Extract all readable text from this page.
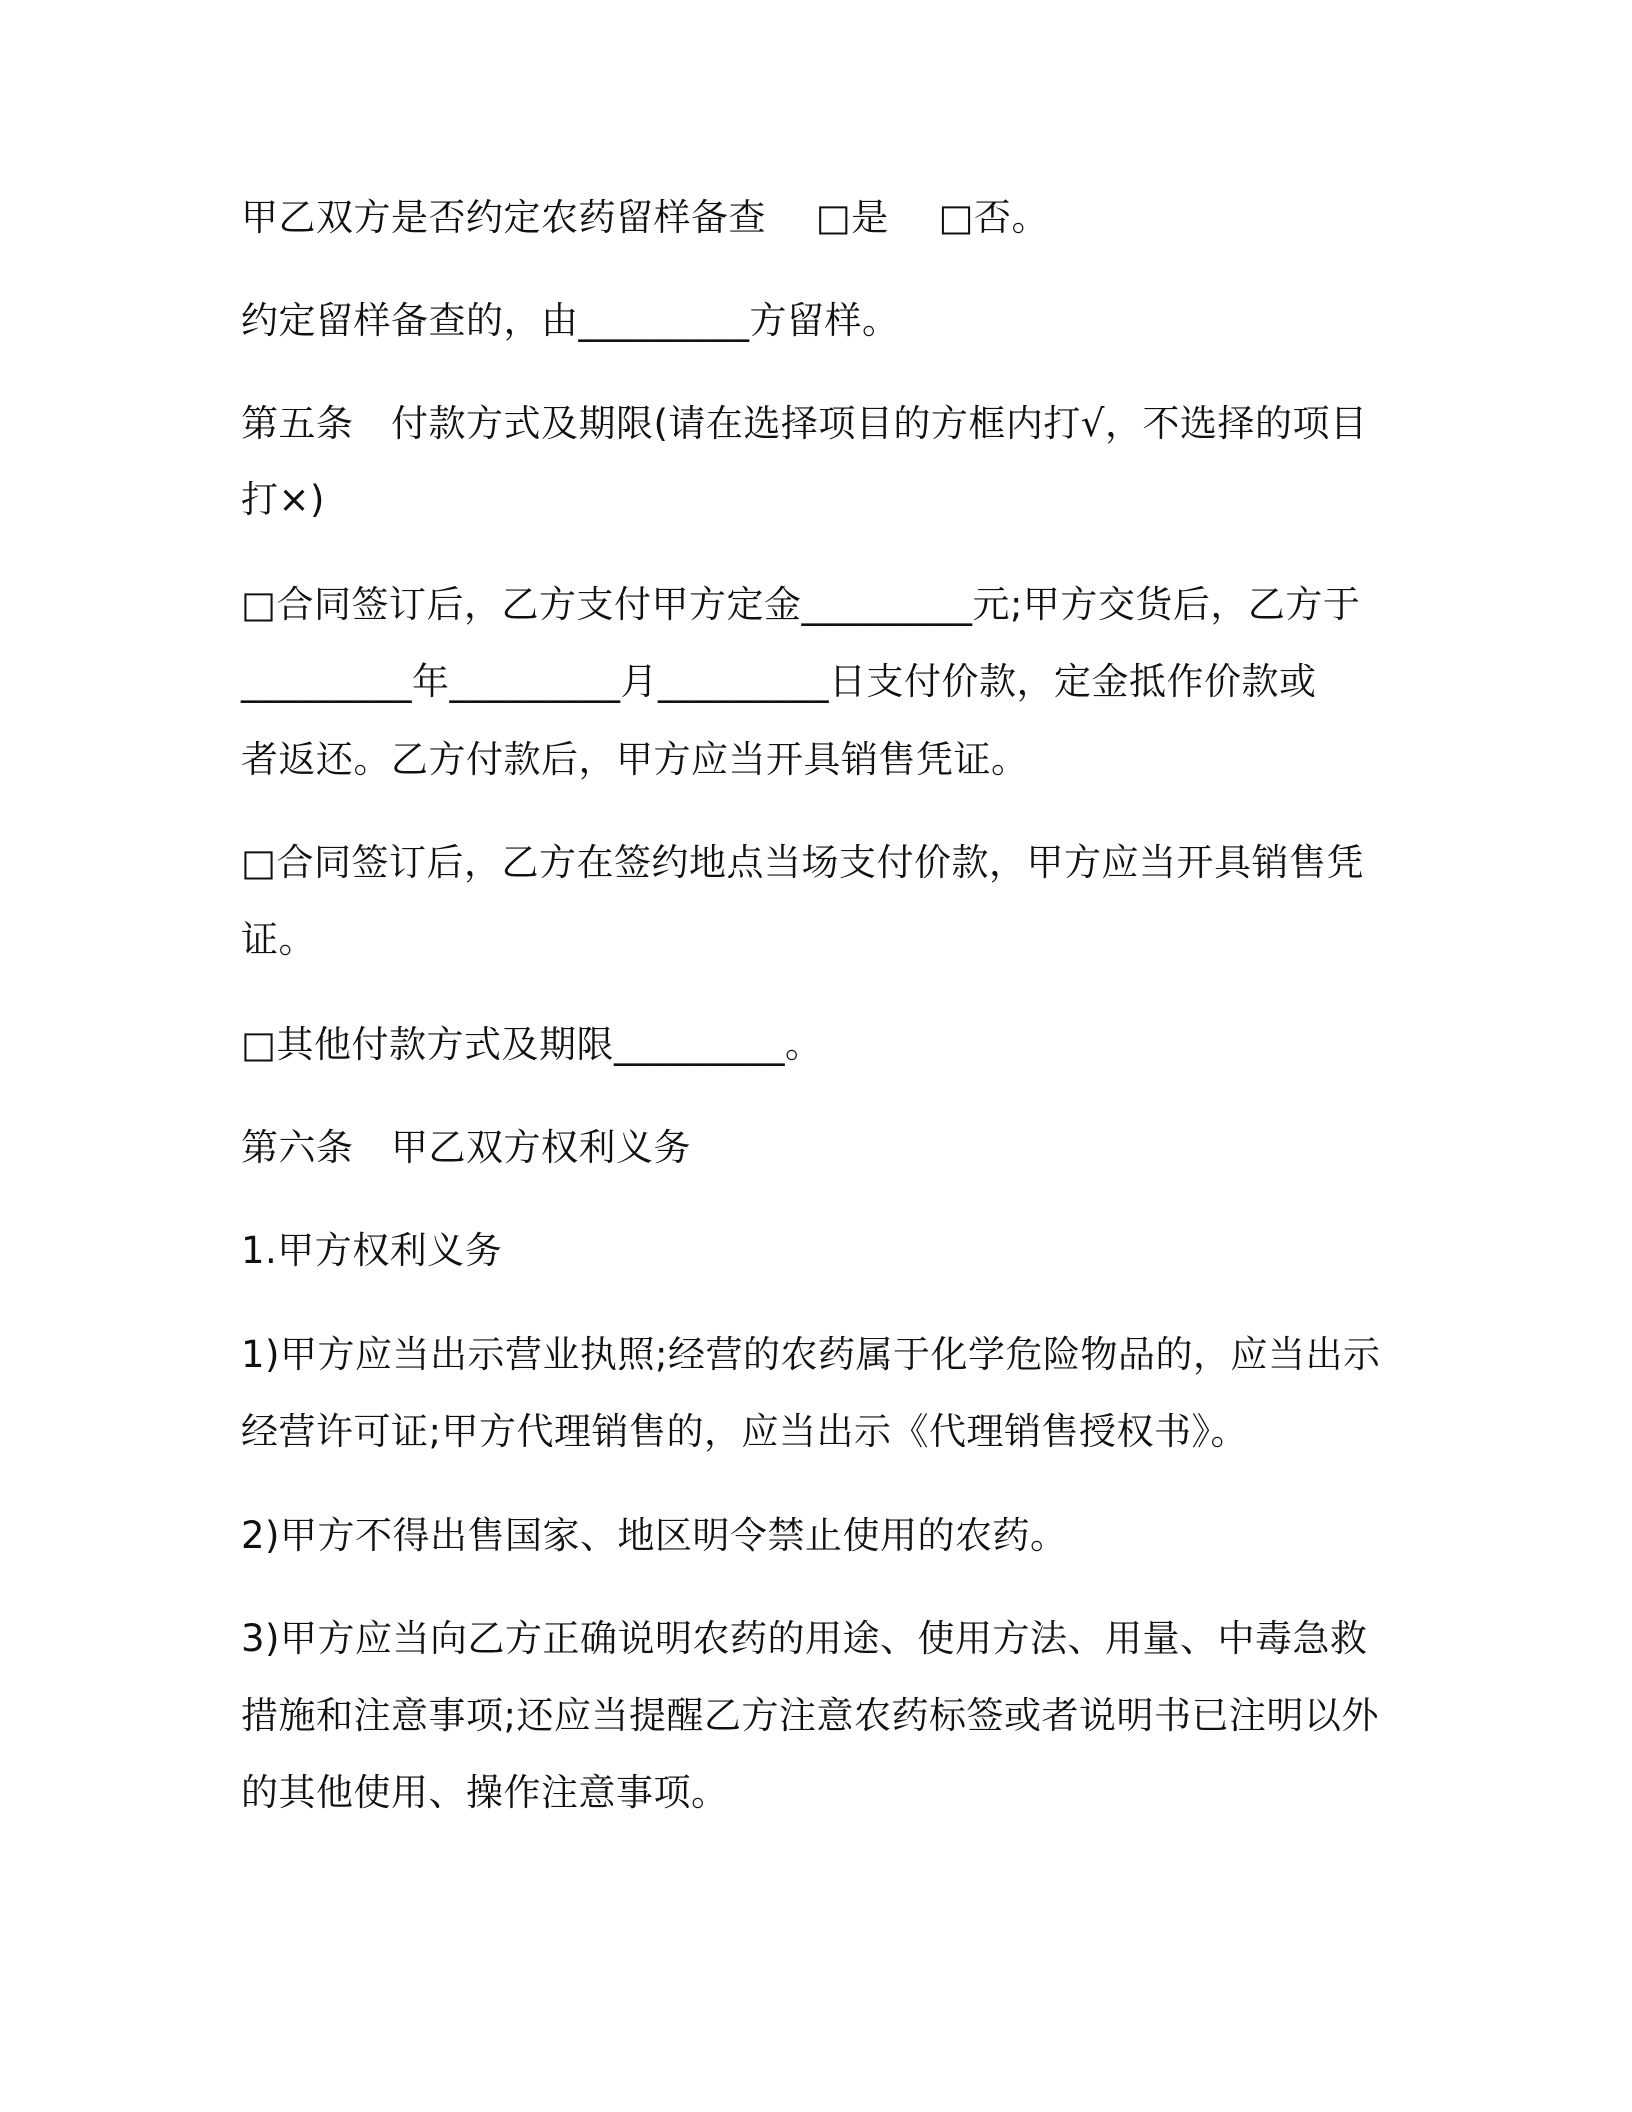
甲乙双方是否约定农药留样备查　 □是　 □否。

约定留样备查的，由_________方留样。

第五条　付款方式及期限(请在选择项目的方框内打√，不选择的项目

打×)

□合同签订后，乙方支付甲方定金_________元;甲方交货后，乙方于

_________年_________月_________日支付价款，定金抵作价款或

者返还。乙方付款后，甲方应当开具销售凭证。

□合同签订后，乙方在签约地点当场支付价款，甲方应当开具销售凭

证。

□其他付款方式及期限_________。

第六条　甲乙双方权利义务

1.甲方权利义务

1)甲方应当出示营业执照;经营的农药属于化学危险物品的，应当出示

经营许可证;甲方代理销售的，应当出示《代理销售授权书》。

2)甲方不得出售国家、地区明令禁止使用的农药。

3)甲方应当向乙方正确说明农药的用途、使用方法、用量、中毒急救

措施和注意事项;还应当提醒乙方注意农药标签或者说明书已注明以外

的其他使用、操作注意事项。
